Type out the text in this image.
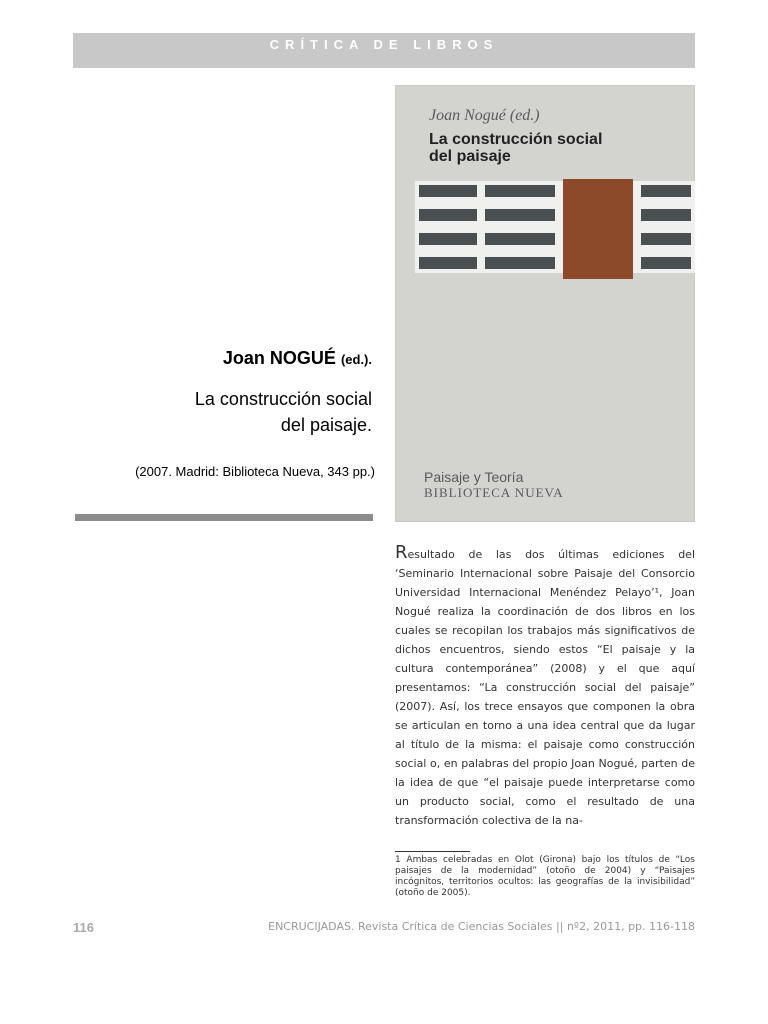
CRÍTICA DE LIBROS
Joan Nogué (ed.)
La construcción social
del paisaje
Paisaje y Teoría
BIBLIOTECA NUEVA
Joan NOGUÉ (ed.).
La construcción social
del paisaje.
(2007. Madrid: Biblioteca Nueva, 343 pp.)
Resultado de las dos últimas ediciones del ‘Seminario Internacional sobre Paisaje del Consorcio Universidad Internacional Menéndez Pelayo’¹, Joan Nogué realiza la coordinación de dos libros en los cuales se recopilan los trabajos más significativos de dichos encuentros, siendo estos “El paisaje y la cultura contemporánea” (2008) y el que aquí presentamos: “La construcción social del paisaje” (2007). Así, los trece ensayos que componen la obra se articulan en torno a una idea central que da lugar al título de la misma: el paisaje como construcción social o, en palabras del propio Joan Nogué, parten de la idea de que “el paisaje puede interpretarse como un producto social, como el resultado de una transformación colectiva de la na-
1 Ambas celebradas en Olot (Girona) bajo los títulos de “Los paisajes de la modernidad” (otoño de 2004) y “Paisajes incógnitos, territorios ocultos: las geografías de la invisibilidad” (otoño de 2005).
116	ENCRUCIJADAS. Revista Crítica de Ciencias Sociales || nº2, 2011, pp. 116-118
